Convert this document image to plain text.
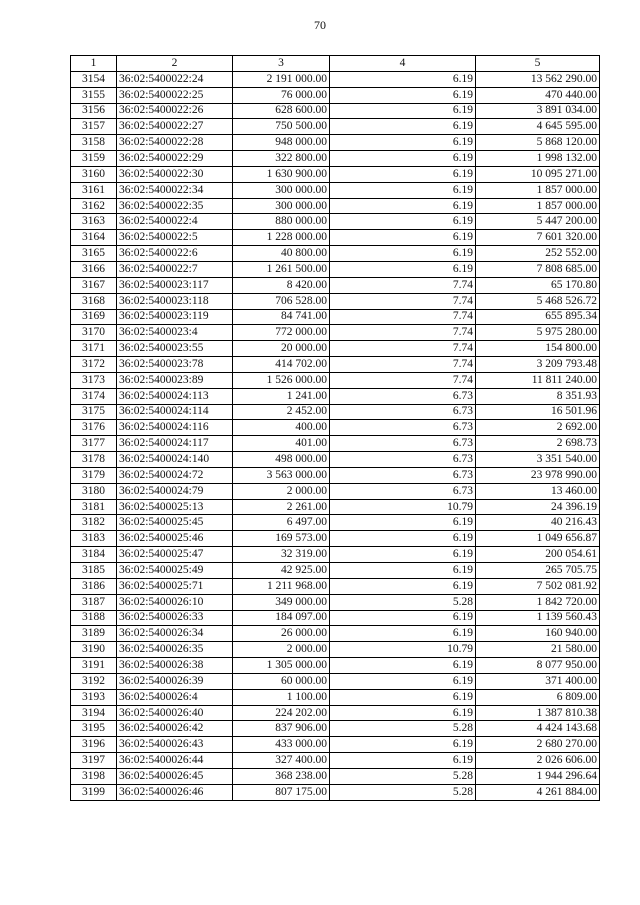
70
1	2	3	4	5
3154	36:02:5400022:24	2 191 000.00	6.19	13 562 290.00
3155	36:02:5400022:25	76 000.00	6.19	470 440.00
3156	36:02:5400022:26	628 600.00	6.19	3 891 034.00
3157	36:02:5400022:27	750 500.00	6.19	4 645 595.00
3158	36:02:5400022:28	948 000.00	6.19	5 868 120.00
3159	36:02:5400022:29	322 800.00	6.19	1 998 132.00
3160	36:02:5400022:30	1 630 900.00	6.19	10 095 271.00
3161	36:02:5400022:34	300 000.00	6.19	1 857 000.00
3162	36:02:5400022:35	300 000.00	6.19	1 857 000.00
3163	36:02:5400022:4	880 000.00	6.19	5 447 200.00
3164	36:02:5400022:5	1 228 000.00	6.19	7 601 320.00
3165	36:02:5400022:6	40 800.00	6.19	252 552.00
3166	36:02:5400022:7	1 261 500.00	6.19	7 808 685.00
3167	36:02:5400023:117	8 420.00	7.74	65 170.80
3168	36:02:5400023:118	706 528.00	7.74	5 468 526.72
3169	36:02:5400023:119	84 741.00	7.74	655 895.34
3170	36:02:5400023:4	772 000.00	7.74	5 975 280.00
3171	36:02:5400023:55	20 000.00	7.74	154 800.00
3172	36:02:5400023:78	414 702.00	7.74	3 209 793.48
3173	36:02:5400023:89	1 526 000.00	7.74	11 811 240.00
3174	36:02:5400024:113	1 241.00	6.73	8 351.93
3175	36:02:5400024:114	2 452.00	6.73	16 501.96
3176	36:02:5400024:116	400.00	6.73	2 692.00
3177	36:02:5400024:117	401.00	6.73	2 698.73
3178	36:02:5400024:140	498 000.00	6.73	3 351 540.00
3179	36:02:5400024:72	3 563 000.00	6.73	23 978 990.00
3180	36:02:5400024:79	2 000.00	6.73	13 460.00
3181	36:02:5400025:13	2 261.00	10.79	24 396.19
3182	36:02:5400025:45	6 497.00	6.19	40 216.43
3183	36:02:5400025:46	169 573.00	6.19	1 049 656.87
3184	36:02:5400025:47	32 319.00	6.19	200 054.61
3185	36:02:5400025:49	42 925.00	6.19	265 705.75
3186	36:02:5400025:71	1 211 968.00	6.19	7 502 081.92
3187	36:02:5400026:10	349 000.00	5.28	1 842 720.00
3188	36:02:5400026:33	184 097.00	6.19	1 139 560.43
3189	36:02:5400026:34	26 000.00	6.19	160 940.00
3190	36:02:5400026:35	2 000.00	10.79	21 580.00
3191	36:02:5400026:38	1 305 000.00	6.19	8 077 950.00
3192	36:02:5400026:39	60 000.00	6.19	371 400.00
3193	36:02:5400026:4	1 100.00	6.19	6 809.00
3194	36:02:5400026:40	224 202.00	6.19	1 387 810.38
3195	36:02:5400026:42	837 906.00	5.28	4 424 143.68
3196	36:02:5400026:43	433 000.00	6.19	2 680 270.00
3197	36:02:5400026:44	327 400.00	6.19	2 026 606.00
3198	36:02:5400026:45	368 238.00	5.28	1 944 296.64
3199	36:02:5400026:46	807 175.00	5.28	4 261 884.00
